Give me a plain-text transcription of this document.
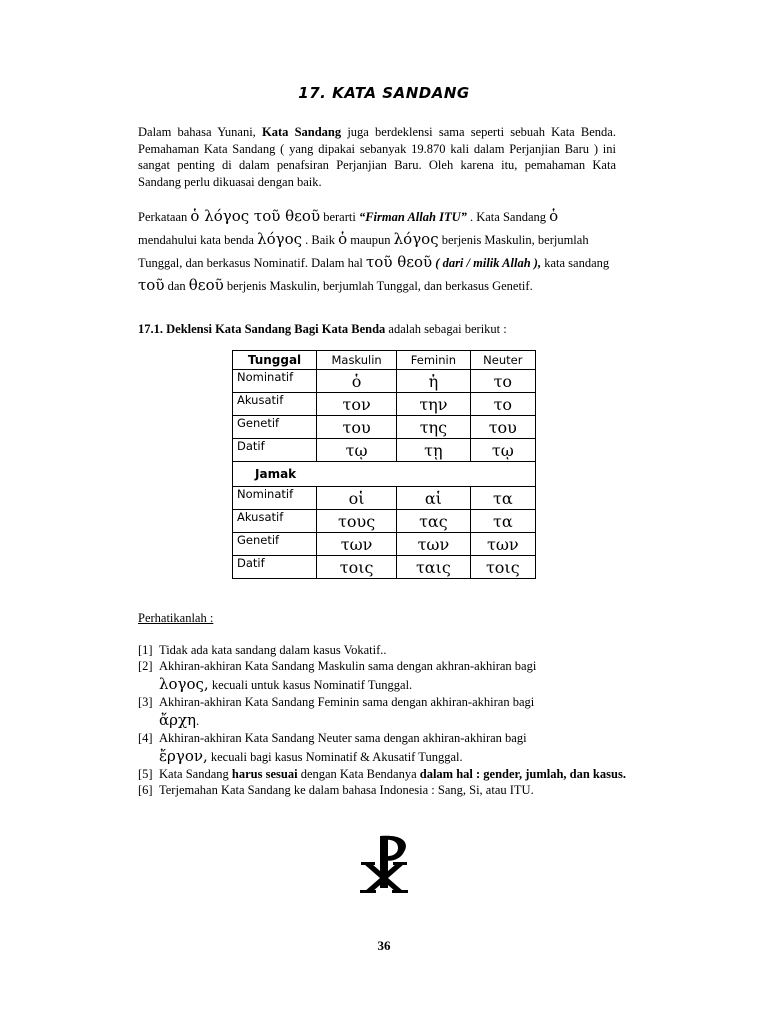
17. KATA SANDANG
Dalam bahasa Yunani, Kata Sandang juga berdeklensi sama seperti sebuah Kata Benda. Pemahaman Kata Sandang ( yang dipakai sebanyak 19.870 kali dalam Perjanjian Baru ) ini sangat penting di dalam penafsiran Perjanjian Baru. Oleh karena itu, pemahaman Kata Sandang perlu dikuasai dengan baik.
Perkataan ὁ λόγος τοῦ θεοῦ berarti “Firman Allah ITU” . Kata Sandang ὁ mendahului kata benda λόγος . Baik ὁ maupun λόγος berjenis Maskulin, berjumlah Tunggal, dan berkasus Nominatif. Dalam hal τοῦ θεοῦ ( dari / milik Allah ), kata sandang τοῦ dan θεοῦ berjenis Maskulin, berjumlah Tunggal, dan berkasus Genetif.
17.1. Deklensi Kata Sandang Bagi Kata Benda adalah sebagai berikut :
Tunggal	Maskulin	Feminin	Neuter
Nominatif	ὁ	ἡ	το
Akusatif	τον	την	το
Genetif	του	της	του
Datif	τῳ	τῃ	τῳ
Jamak			
Nominatif	οἱ	αἱ	τα
Akusatif	τους	τας	τα
Genetif	των	των	των
Datif	τοις	ταις	τοις
Perhatikanlah :
[1] Tidak ada kata sandang dalam kasus Vokatif..
[2] Akhiran-akhiran Kata Sandang Maskulin sama dengan akhran-akhiran bagi
λογος, kecuali untuk kasus Nominatif Tunggal.
[3] Akhiran-akhiran Kata Sandang Feminin sama dengan akhiran-akhiran bagi
ἄρχη.
[4] Akhiran-akhiran Kata Sandang Neuter sama dengan akhiran-akhiran bagi
ἔργον, kecuali bagi kasus Nominatif & Akusatif Tunggal.
[5] Kata Sandang harus sesuai dengan Kata Bendanya dalam hal : gender, jumlah, dan kasus.
[6] Terjemahan Kata Sandang ke dalam bahasa Indonesia : Sang, Si, atau ITU.
36
